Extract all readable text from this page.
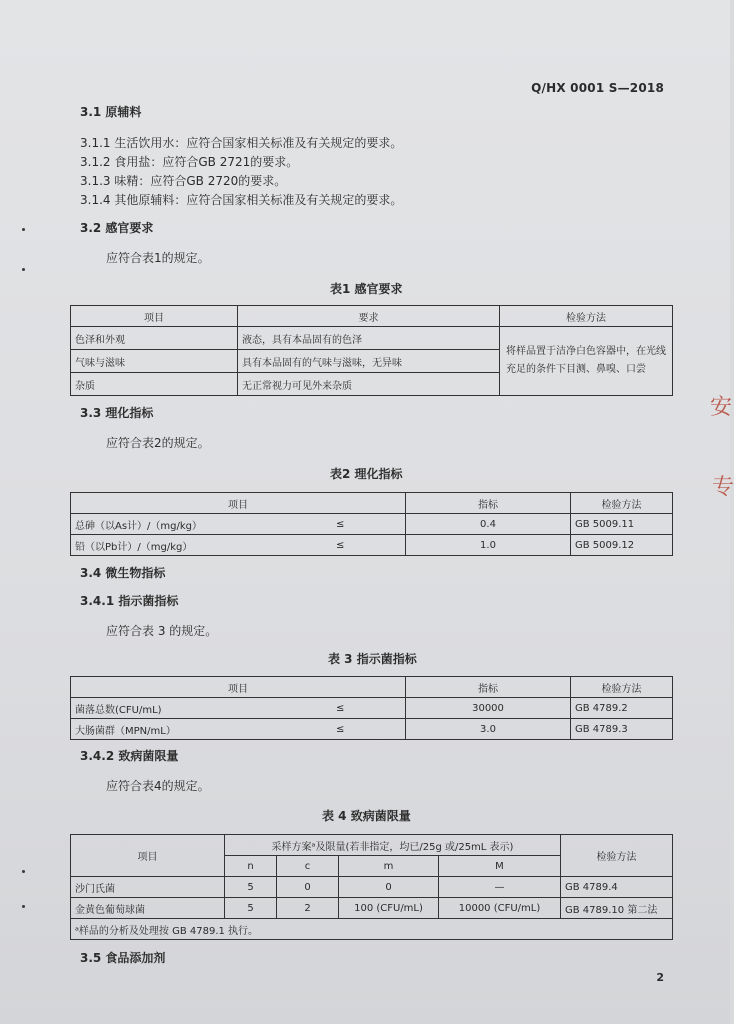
Q/HX 0001 S—2018
3.1 原辅料
3.1.1 生活饮用水：应符合国家相关标准及有关规定的要求。
3.1.2 食用盐：应符合GB 2721的要求。
3.1.3 味精：应符合GB 2720的要求。
3.1.4 其他原辅料：应符合国家相关标准及有关规定的要求。
3.2 感官要求
应符合表1的规定。
表1 感官要求
项目	要求	检验方法
色泽和外观	液态，具有本品固有的色泽	将样品置于洁净白色容器中，在光线充足的条件下目测、鼻嗅、口尝
气味与滋味	具有本品固有的气味与滋味，无异味	
杂质	无正常视力可见外来杂质	
3.3 理化指标
应符合表2的规定。
表2 理化指标
项目		指标	检验方法
总砷（以As计）/（mg/kg）	≤	0.4	GB 5009.11
铅（以Pb计）/（mg/kg）	≤	1.0	GB 5009.12
3.4 微生物指标
3.4.1 指示菌指标
应符合表 3 的规定。
表 3 指示菌指标
项目		指标	检验方法
菌落总数(CFU/mL)	≤	30000	GB 4789.2
大肠菌群（MPN/mL）	≤	3.0	GB 4789.3
3.4.2 致病菌限量
应符合表4的规定。
表 4 致病菌限量
项目	采样方案ᵃ及限量(若非指定，均已/25g 或/25mL 表示)				检验方法
	n	c	m	M	
沙门氏菌	5	0	0	—	GB 4789.4
金黄色葡萄球菌	5	2	100 (CFU/mL)	10000 (CFU/mL)	GB 4789.10 第二法
ᵃ样品的分析及处理按 GB 4789.1 执行。					
3.5 食品添加剂
2
安
专
